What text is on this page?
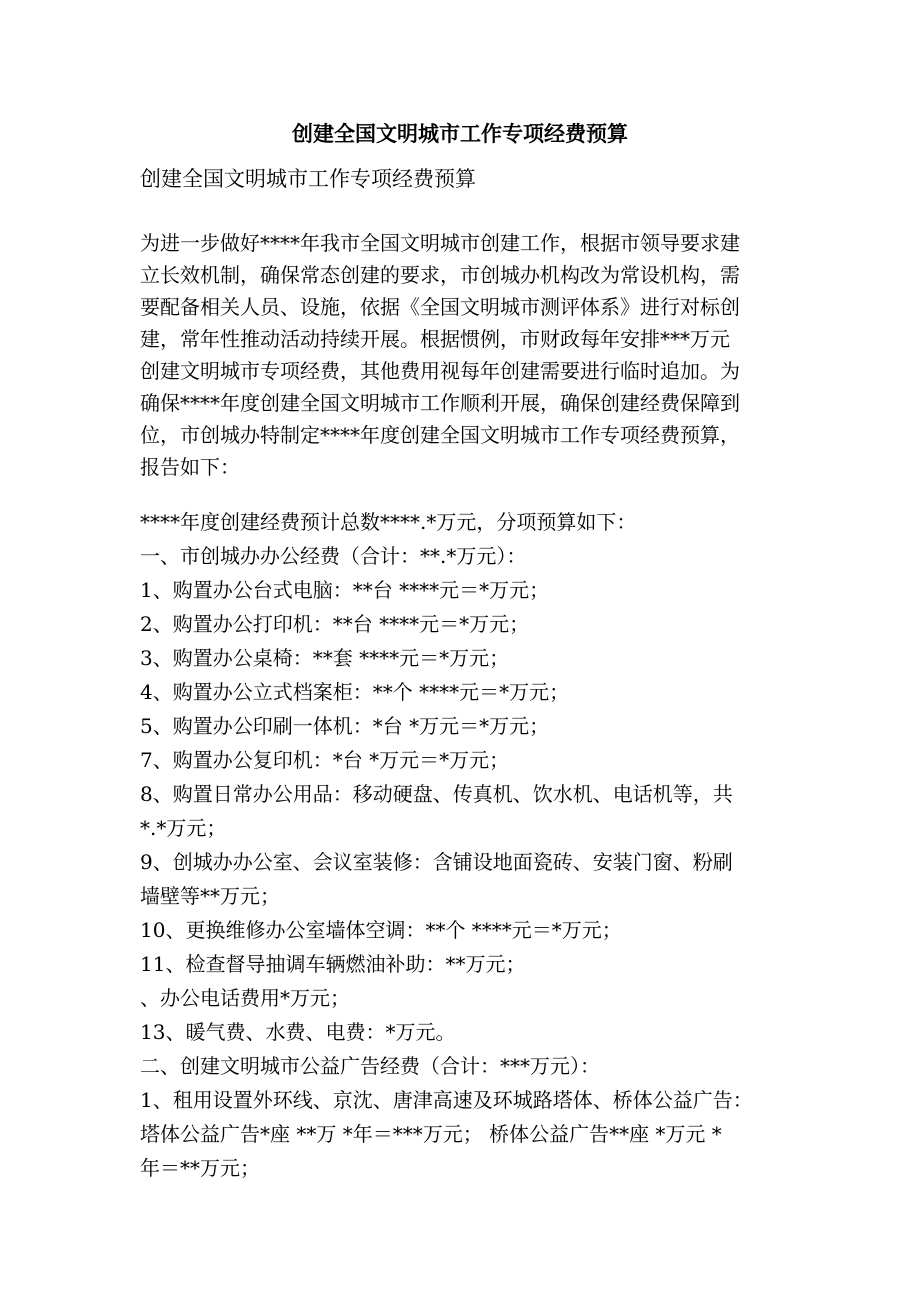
创建全国文明城市工作专项经费预算

创建全国文明城市工作专项经费预算

为进一步做好****年我市全国文明城市创建工作，根据市领导要求建
立长效机制，确保常态创建的要求，市创城办机构改为常设机构，需
要配备相关人员、设施，依据《全国文明城市测评体系》进行对标创
建，常年性推动活动持续开展。根据惯例，市财政每年安排***万元
创建文明城市专项经费，其他费用视每年创建需要进行临时追加。为
确保****年度创建全国文明城市工作顺利开展，确保创建经费保障到
位，市创城办特制定****年度创建全国文明城市工作专项经费预算，
报告如下：
****年度创建经费预计总数****.*万元，分项预算如下：
一、市创城办办公经费（合计：**.*万元）：
1、购置办公台式电脑：**台 ****元＝*万元；
2、购置办公打印机：**台 ****元＝*万元；
3、购置办公桌椅：**套 ****元＝*万元；
4、购置办公立式档案柜：**个 ****元＝*万元；
5、购置办公印刷一体机：*台 *万元＝*万元；
7、购置办公复印机：*台 *万元＝*万元；
8、购置日常办公用品：移动硬盘、传真机、饮水机、电话机等，共
*.*万元；
9、创城办办公室、会议室装修：含铺设地面瓷砖、安装门窗、粉刷
墙壁等**万元；
10、更换维修办公室墙体空调：**个 ****元＝*万元；
11、检查督导抽调车辆燃油补助：**万元；
、办公电话费用*万元；
13、暖气费、水费、电费：*万元。
二、创建文明城市公益广告经费（合计：***万元）：
1、租用设置外环线、京沈、唐津高速及环城路塔体、桥体公益广告：
塔体公益广告*座 **万 *年＝***万元； 桥体公益广告**座 *万元 *
年＝**万元；
